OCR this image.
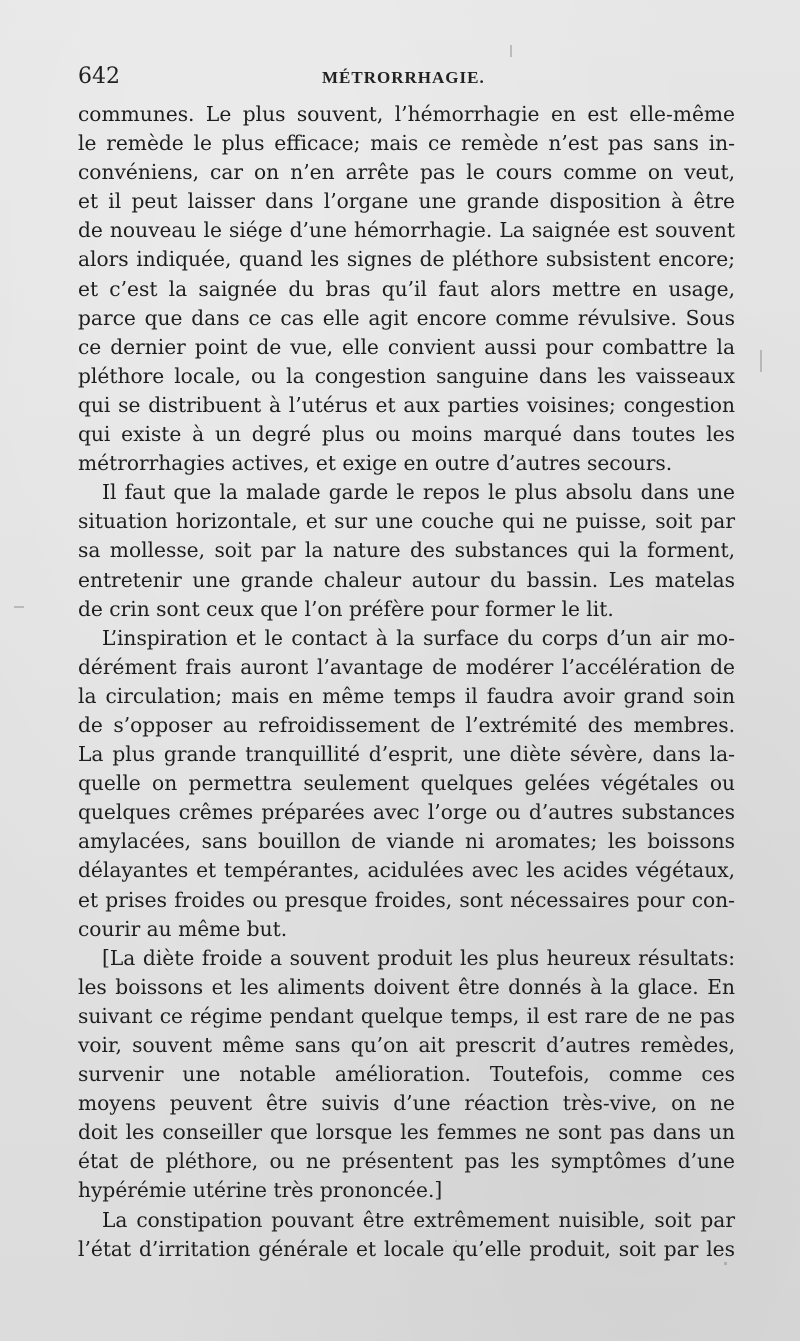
642	MÉTRORRHAGIE.
communes. Le plus souvent, l’hémorrhagie en est elle-même
le remède le plus efficace; mais ce remède n’est pas sans in-
convéniens, car on n’en arrête pas le cours comme on veut,
et il peut laisser dans l’organe une grande disposition à être
de nouveau le siége d’une hémorrhagie. La saignée est souvent
alors indiquée, quand les signes de pléthore subsistent encore;
et c’est la saignée du bras qu’il faut alors mettre en usage,
parce que dans ce cas elle agit encore comme révulsive. Sous
ce dernier point de vue, elle convient aussi pour combattre la
pléthore locale, ou la congestion sanguine dans les vaisseaux
qui se distribuent à l’utérus et aux parties voisines; congestion
qui existe à un degré plus ou moins marqué dans toutes les
métrorrhagies actives, et exige en outre d’autres secours.
Il faut que la malade garde le repos le plus absolu dans une
situation horizontale, et sur une couche qui ne puisse, soit par
sa mollesse, soit par la nature des substances qui la forment,
entretenir une grande chaleur autour du bassin. Les matelas
de crin sont ceux que l’on préfère pour former le lit.
L’inspiration et le contact à la surface du corps d’un air mo-
dérément frais auront l’avantage de modérer l’accélération de
la circulation; mais en même temps il faudra avoir grand soin
de s’opposer au refroidissement de l’extrémité des membres.
La plus grande tranquillité d’esprit, une diète sévère, dans la-
quelle on permettra seulement quelques gelées végétales ou
quelques crêmes préparées avec l’orge ou d’autres substances
amylacées, sans bouillon de viande ni aromates; les boissons
délayantes et tempérantes, acidulées avec les acides végétaux,
et prises froides ou presque froides, sont nécessaires pour con-
courir au même but.
[La diète froide a souvent produit les plus heureux résultats:
les boissons et les aliments doivent être donnés à la glace. En
suivant ce régime pendant quelque temps, il est rare de ne pas
voir, souvent même sans qu’on ait prescrit d’autres remèdes,
survenir une notable amélioration. Toutefois, comme ces
moyens peuvent être suivis d’une réaction très-vive, on ne
doit les conseiller que lorsque les femmes ne sont pas dans un
état de pléthore, ou ne présentent pas les symptômes d’une
hypérémie utérine très prononcée.]
La constipation pouvant être extrêmement nuisible, soit par
l’état d’irritation générale et locale qu’elle produit, soit par les
